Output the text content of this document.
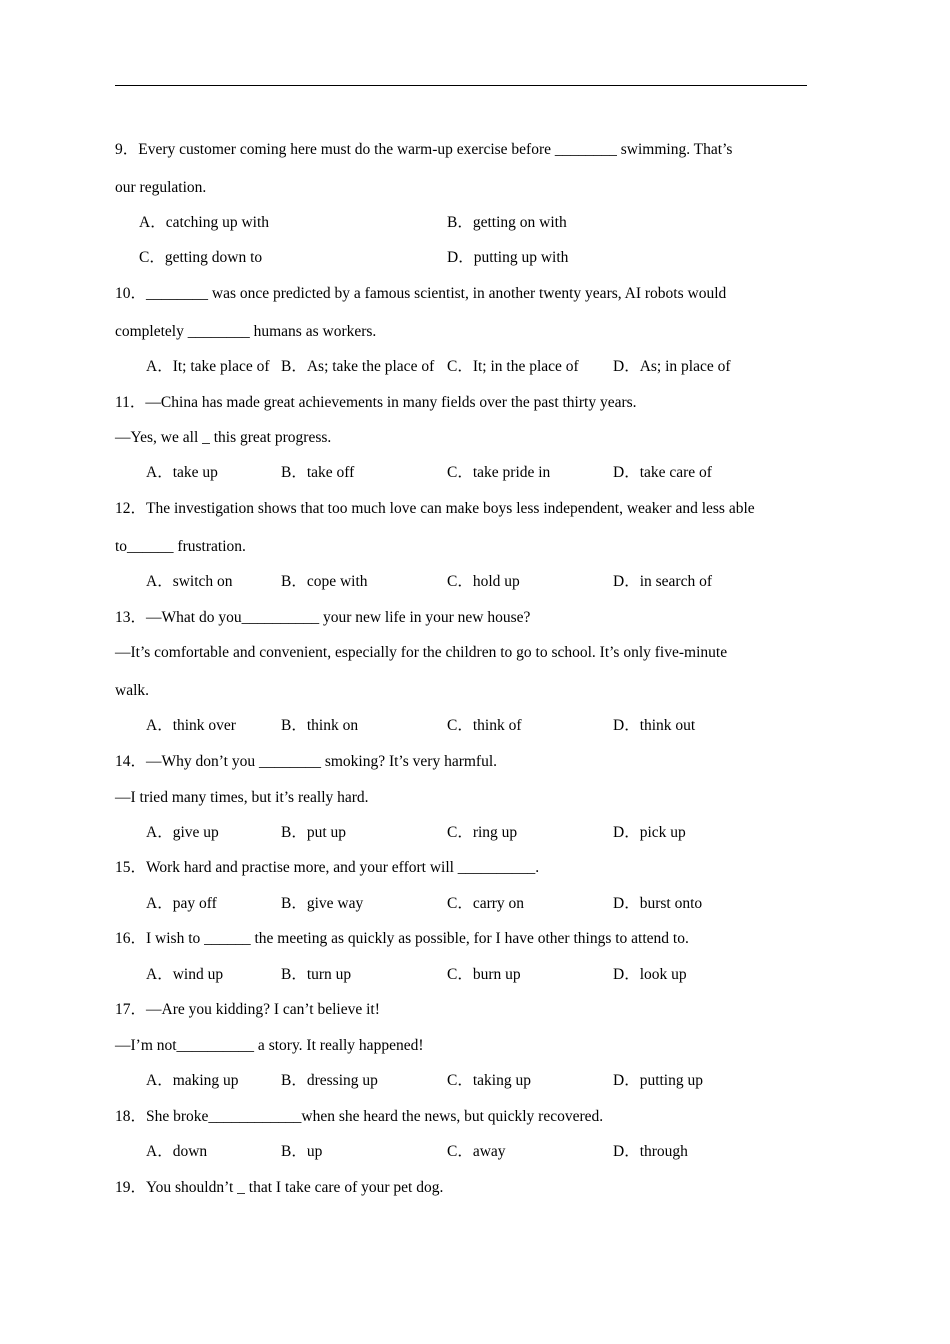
9．Every customer coming here must do the warm-up exercise before ________ swimming. That’s
our regulation.
A．catching up with	B．getting on with
C．getting down to	D．putting up with
10．________ was once predicted by a famous scientist, in another twenty years, AI robots would
completely ________ humans as workers.
A．It; take place of B．As; take the place of C．It; in the place of D．As; in place of
11．—China has made great achievements in many fields over the past thirty years.
—Yes, we all _ this great progress.
A．take up	B．take off	C．take pride in	D．take care of
12．The investigation shows that too much love can make boys less independent, weaker and less able
to______ frustration.
A．switch on	B．cope with	C．hold up	D．in search of
13．—What do you__________ your new life in your new house?
—It’s comfortable and convenient, especially for the children to go to school. It’s only five-minute
walk.
A．think over	B．think on	C．think of	D．think out
14．—Why don’t you ________ smoking? It’s very harmful.
—I tried many times, but it’s really hard.
A．give up	B．put up	C．ring up	D．pick up
15．Work hard and practise more, and your effort will __________.
A．pay off	B．give way	C．carry on	D．burst onto
16．I wish to ______ the meeting as quickly as possible, for I have other things to attend to.
A．wind up	B．turn up	C．burn up	D．look up
17．—Are you kidding? I can’t believe it!
—I’m not__________ a story. It really happened!
A．making up	B．dressing up	C．taking up	D．putting up
18．She broke____________when she heard the news, but quickly recovered.
A．down	B．up	C．away	D．through
19．You shouldn’t _ that I take care of your pet dog.
